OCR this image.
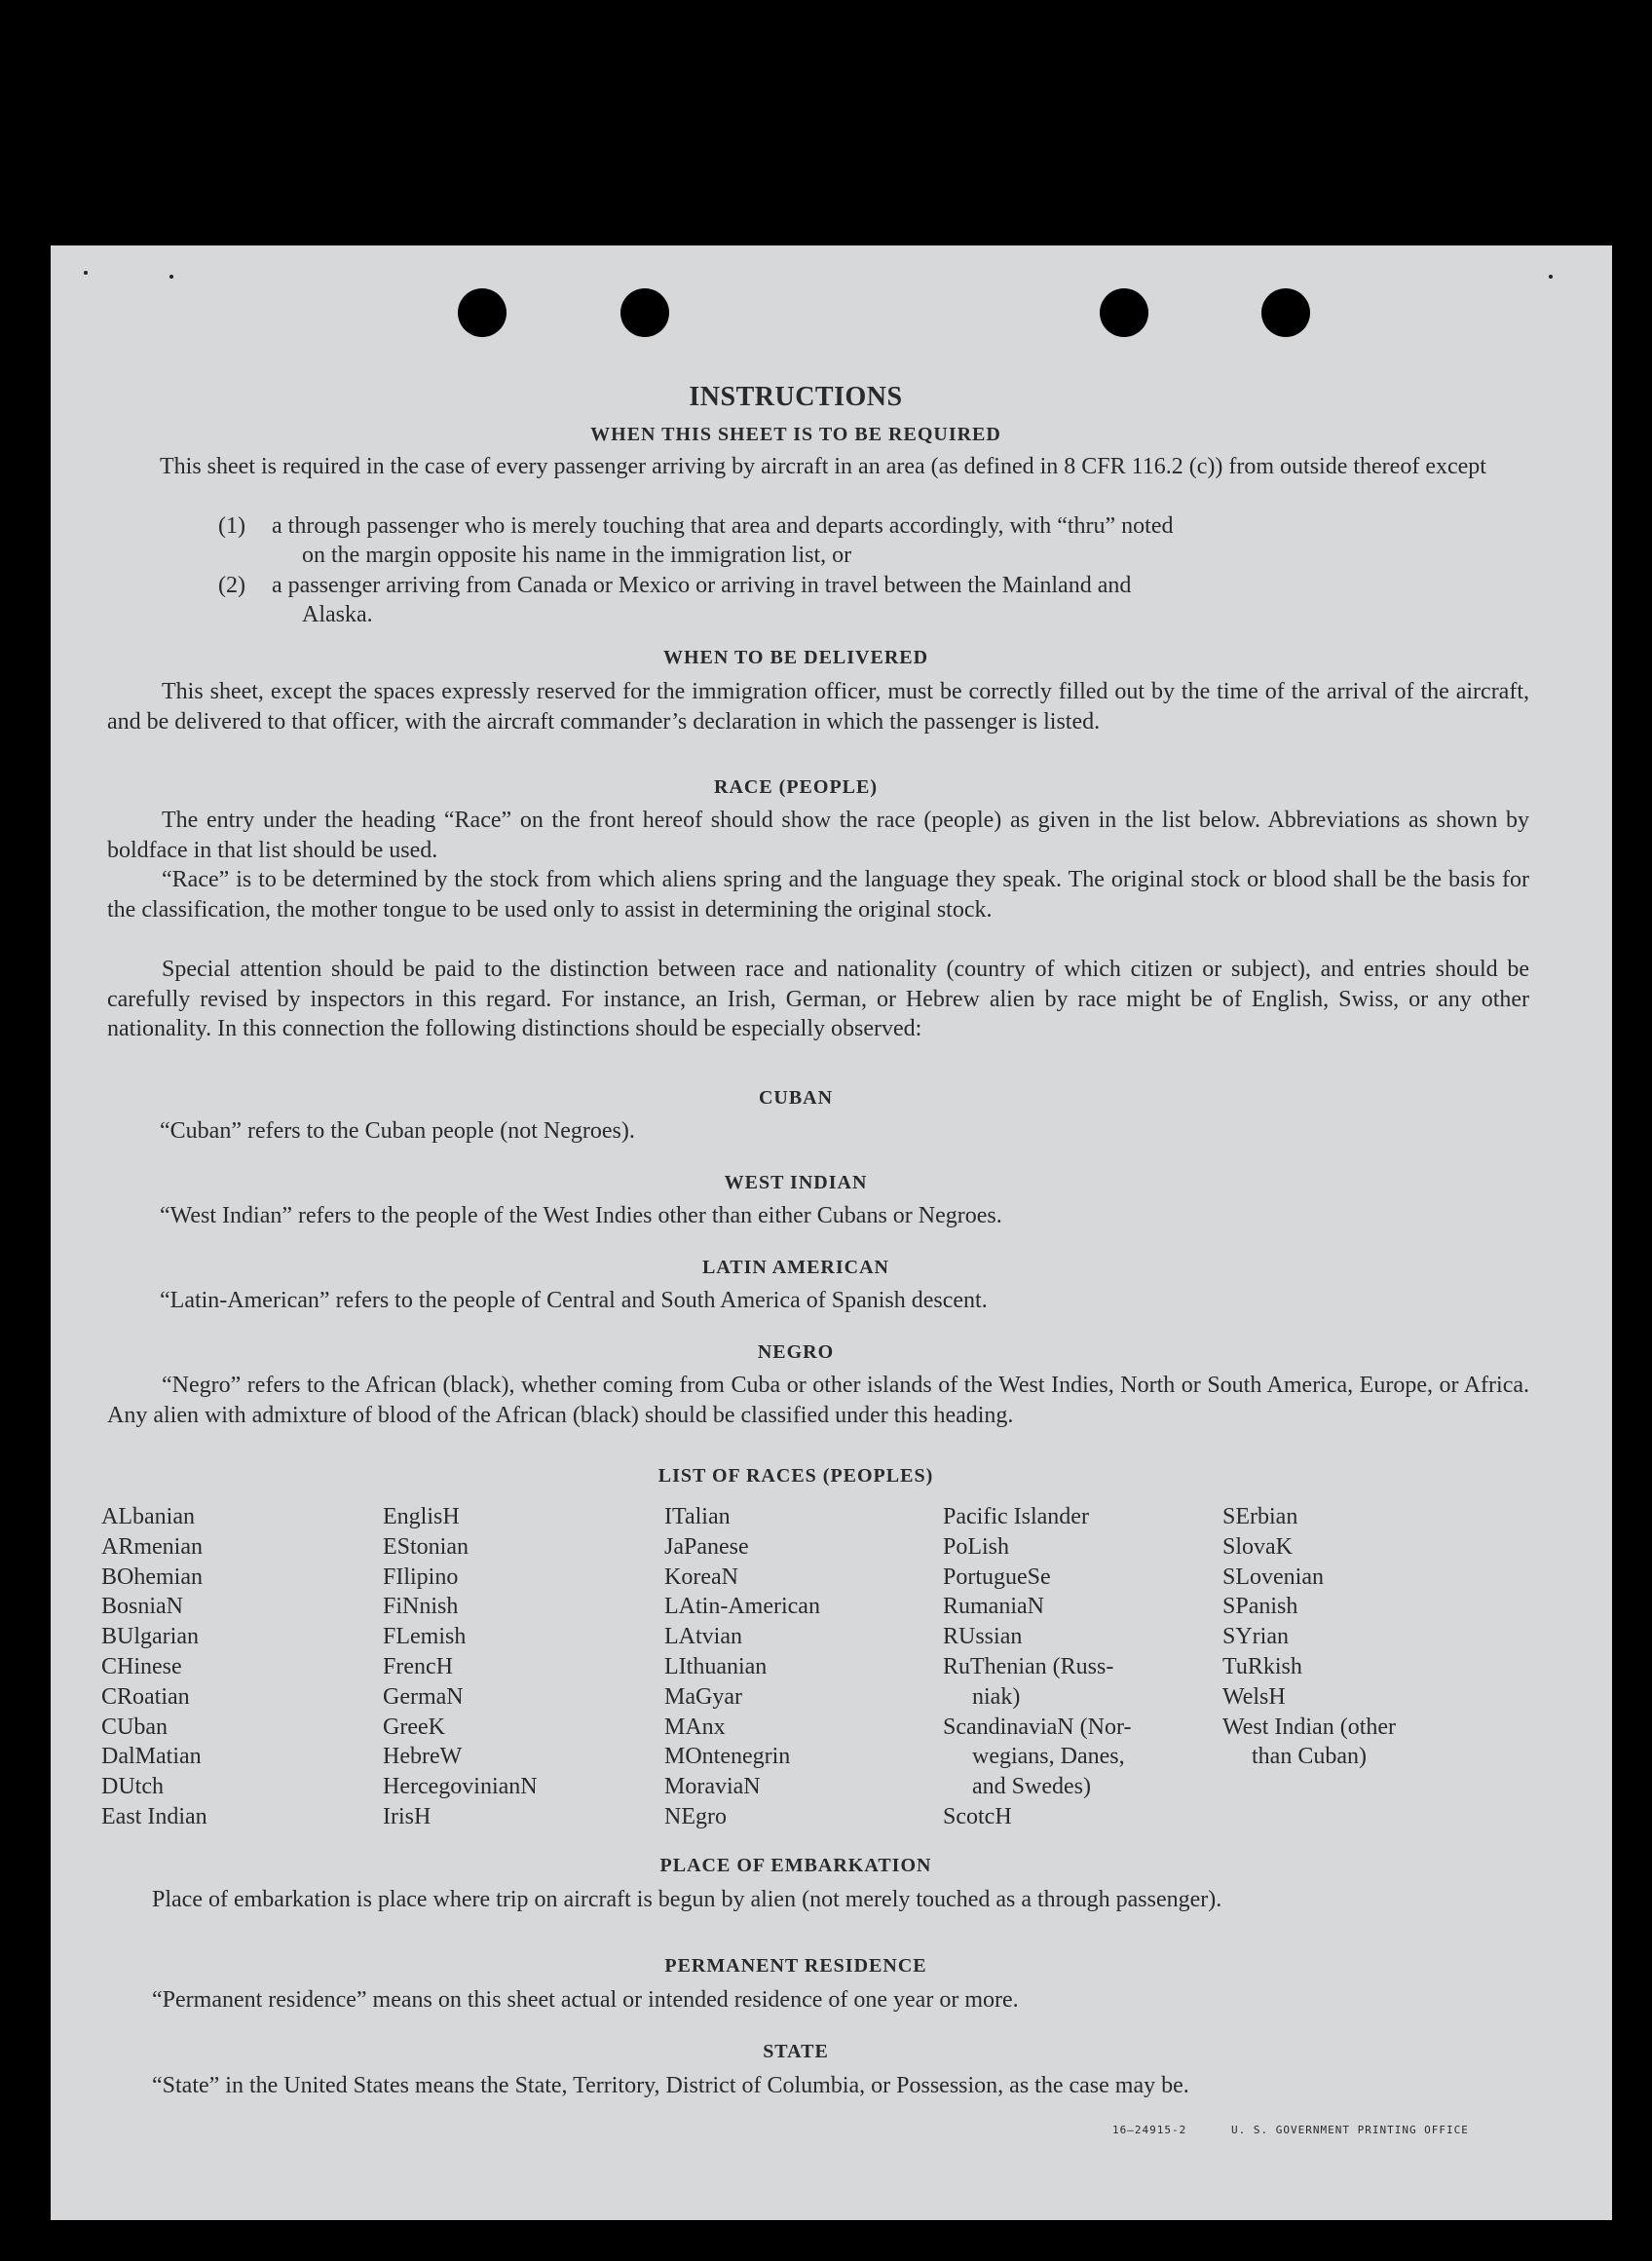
INSTRUCTIONS
WHEN THIS SHEET IS TO BE REQUIRED
This sheet is required in the case of every passenger arriving by aircraft in an area (as defined in 8 CFR 116.2 (c)) from outside thereof except
(1) a through passenger who is merely touching that area and departs accordingly, with “thru” noted
on the margin opposite his name in the immigration list, or
(2) a passenger arriving from Canada or Mexico or arriving in travel between the Mainland and
Alaska.
WHEN TO BE DELIVERED
This sheet, except the spaces expressly reserved for the immigration officer, must be correctly filled out by the time of the arrival of the aircraft, and be delivered to that officer, with the aircraft commander’s declaration in which the passenger is listed.
RACE (PEOPLE)
The entry under the heading “Race” on the front hereof should show the race (people) as given in the list below. Abbreviations as shown by boldface in that list should be used.
“Race” is to be determined by the stock from which aliens spring and the language they speak. The original stock or blood shall be the basis for the classification, the mother tongue to be used only to assist in determining the original stock.
Special attention should be paid to the distinction between race and nationality (country of which citizen or subject), and entries should be carefully revised by inspectors in this regard. For instance, an Irish, German, or Hebrew alien by race might be of English, Swiss, or any other nationality. In this connection the following distinctions should be especially observed:
CUBAN
“Cuban” refers to the Cuban people (not Negroes).
WEST INDIAN
“West Indian” refers to the people of the West Indies other than either Cubans or Negroes.
LATIN AMERICAN
“Latin-American” refers to the people of Central and South America of Spanish descent.
NEGRO
“Negro” refers to the African (black), whether coming from Cuba or other islands of the West Indies, North or South America, Europe, or Africa. Any alien with admixture of blood of the African (black) should be classified under this heading.
LIST OF RACES (PEOPLES)
ALbanian
ARmenian
BOhemian
BosniaN
BUlgarian
CHinese
CRoatian
CUban
DalMatian
DUtch
East Indian
EnglisH
EStonian
FIlipino
FiNnish
FLemish
FrencH
GermaN
GreeK
HebreW
HercegovinianN
IrisH
ITalian
JaPanese
KoreaN
LAtin-American
LAtvian
LIthuanian
MaGyar
MAnx
MOntenegrin
MoraviaN
NEgro
Pacific Islander
PoLish
PortugueSe
RumaniaN
RUssian
RuThenian (Russ-
niak)
ScandinaviaN (Nor-
wegians, Danes,
and Swedes)
ScotcH
SErbian
SlovaK
SLovenian
SPanish
SYrian
TuRkish
WelsH
West Indian (other
than Cuban)
PLACE OF EMBARKATION
Place of embarkation is place where trip on aircraft is begun by alien (not merely touched as a through passenger).
PERMANENT RESIDENCE
“Permanent residence” means on this sheet actual or intended residence of one year or more.
STATE
“State” in the United States means the State, Territory, District of Columbia, or Possession, as the case may be.
16—24915-2	U. S. GOVERNMENT PRINTING OFFICE
